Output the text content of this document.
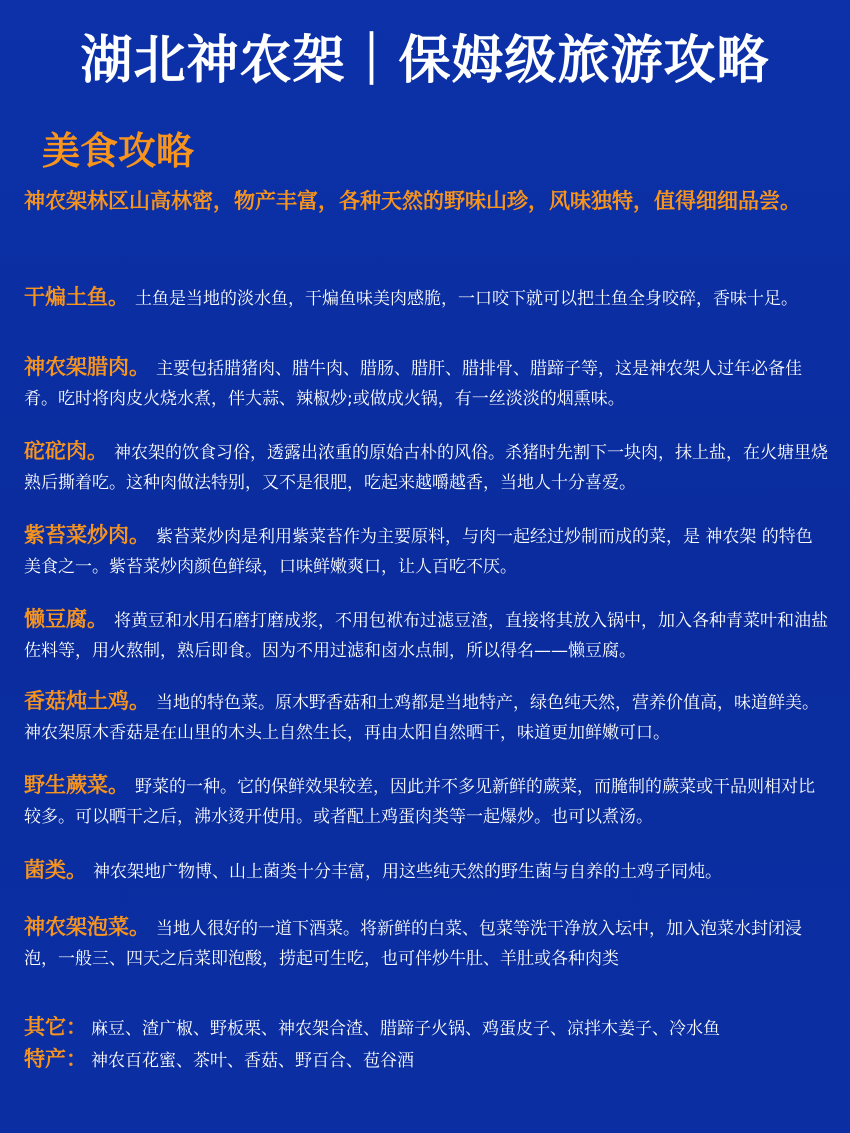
湖北神农架｜保姆级旅游攻略
美食攻略
神农架林区山高林密，物产丰富，各种天然的野味山珍，风味独特，值得细细品尝。
干煸土鱼。 土鱼是当地的淡水鱼，干煸鱼味美肉感脆，一口咬下就可以把土鱼全身咬碎，香味十足。
神农架腊肉。 主要包括腊猪肉、腊牛肉、腊肠、腊肝、腊排骨、腊蹄子等，这是神农架人过年必备佳肴。吃时将肉皮火烧水煮，伴大蒜、辣椒炒;或做成火锅，有一丝淡淡的烟熏味。
砣砣肉。 神农架的饮食习俗，透露出浓重的原始古朴的风俗。杀猪时先割下一块肉，抹上盐，在火塘里烧熟后撕着吃。这种肉做法特别，又不是很肥，吃起来越嚼越香，当地人十分喜爱。
紫苔菜炒肉。 紫苔菜炒肉是利用紫菜苔作为主要原料，与肉一起经过炒制而成的菜，是 神农架 的特色美食之一。紫苔菜炒肉颜色鲜绿，口味鲜嫩爽口，让人百吃不厌。
懒豆腐。 将黄豆和水用石磨打磨成浆，不用包袱布过滤豆渣，直接将其放入锅中，加入各种青菜叶和油盐佐料等，用火熬制，熟后即食。因为不用过滤和卤水点制，所以得名——懒豆腐。
香菇炖土鸡。 当地的特色菜。原木野香菇和土鸡都是当地特产，绿色纯天然，营养价值高，味道鲜美。神农架原木香菇是在山里的木头上自然生长，再由太阳自然晒干，味道更加鲜嫩可口。
野生蕨菜。 野菜的一种。它的保鲜效果较差，因此并不多见新鲜的蕨菜，而腌制的蕨菜或干品则相对比较多。可以晒干之后，沸水烫开使用。或者配上鸡蛋肉类等一起爆炒。也可以煮汤。
菌类。 神农架地广物博、山上菌类十分丰富，用这些纯天然的野生菌与自养的土鸡子同炖。
神农架泡菜。 当地人很好的一道下酒菜。将新鲜的白菜、包菜等洗干净放入坛中，加入泡菜水封闭浸泡，一般三、四天之后菜即泡酸，捞起可生吃，也可伴炒牛肚、羊肚或各种肉类
其它： 麻豆、渣广椒、野板栗、神农架合渣、腊蹄子火锅、鸡蛋皮子、凉拌木姜子、冷水鱼
特产： 神农百花蜜、茶叶、香菇、野百合、苞谷酒
